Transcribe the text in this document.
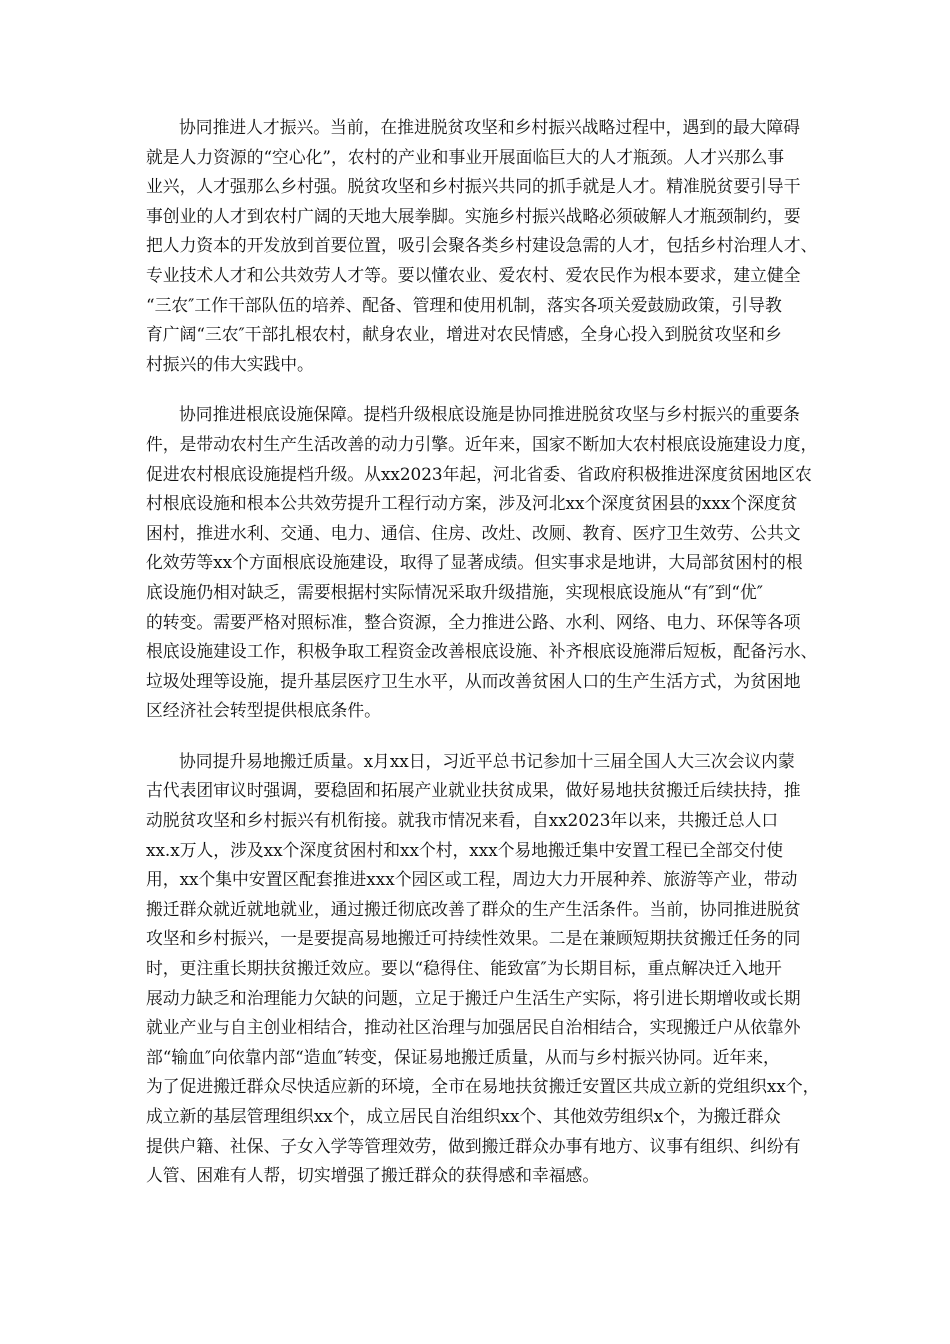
协同推进人才振兴。当前，在推进脱贫攻坚和乡村振兴战略过程中，遇到的最大障碍
就是人力资源的“空心化”，农村的产业和事业开展面临巨大的人才瓶颈。人才兴那么事
业兴，人才强那么乡村强。脱贫攻坚和乡村振兴共同的抓手就是人才。精准脱贫要引导干
事创业的人才到农村广阔的天地大展拳脚。实施乡村振兴战略必须破解人才瓶颈制约，要
把人力资本的开发放到首要位置，吸引会聚各类乡村建设急需的人才，包括乡村治理人才、
专业技术人才和公共效劳人才等。要以懂农业、爱农村、爱农民作为根本要求，建立健全
“三农″工作干部队伍的培养、配备、管理和使用机制，落实各项关爱鼓励政策，引导教
育广阔“三农″干部扎根农村，献身农业，增进对农民情感，全身心投入到脱贫攻坚和乡
村振兴的伟大实践中。

协同推进根底设施保障。提档升级根底设施是协同推进脱贫攻坚与乡村振兴的重要条
件，是带动农村生产生活改善的动力引擎。近年来，国家不断加大农村根底设施建设力度，
促进农村根底设施提档升级。从xx2023年起，河北省委、省政府积极推进深度贫困地区农
村根底设施和根本公共效劳提升工程行动方案，涉及河北xx个深度贫困县的xxx个深度贫
困村，推进水利、交通、电力、通信、住房、改灶、改厕、教育、医疗卫生效劳、公共文
化效劳等xx个方面根底设施建设，取得了显著成绩。但实事求是地讲，大局部贫困村的根
底设施仍相对缺乏，需要根据村实际情况采取升级措施，实现根底设施从“有″到“优″
的转变。需要严格对照标准，整合资源，全力推进公路、水利、网络、电力、环保等各项
根底设施建设工作，积极争取工程资金改善根底设施、补齐根底设施滞后短板，配备污水、
垃圾处理等设施，提升基层医疗卫生水平，从而改善贫困人口的生产生活方式，为贫困地
区经济社会转型提供根底条件。

协同提升易地搬迁质量。x月xx日，习近平总书记参加十三届全国人大三次会议内蒙
古代表团审议时强调，要稳固和拓展产业就业扶贫成果，做好易地扶贫搬迁后续扶持，推
动脱贫攻坚和乡村振兴有机衔接。就我市情况来看，自xx2023年以来，共搬迁总人口
xx.x万人，涉及xx个深度贫困村和xx个村，xxx个易地搬迁集中安置工程已全部交付使
用，xx个集中安置区配套推进xxx个园区或工程，周边大力开展种养、旅游等产业，带动
搬迁群众就近就地就业，通过搬迁彻底改善了群众的生产生活条件。当前，协同推进脱贫
攻坚和乡村振兴，一是要提高易地搬迁可持续性效果。二是在兼顾短期扶贫搬迁任务的同
时，更注重长期扶贫搬迁效应。要以“稳得住、能致富″为长期目标，重点解决迁入地开
展动力缺乏和治理能力欠缺的问题，立足于搬迁户生活生产实际，将引进长期增收或长期
就业产业与自主创业相结合，推动社区治理与加强居民自治相结合，实现搬迁户从依靠外
部“输血″向依靠内部“造血″转变，保证易地搬迁质量，从而与乡村振兴协同。近年来，
为了促进搬迁群众尽快适应新的环境，全市在易地扶贫搬迁安置区共成立新的党组织xx个，
成立新的基层管理组织xx个，成立居民自治组织xx个、其他效劳组织x个，为搬迁群众
提供户籍、社保、子女入学等管理效劳，做到搬迁群众办事有地方、议事有组织、纠纷有
人管、困难有人帮，切实增强了搬迁群众的获得感和幸福感。
